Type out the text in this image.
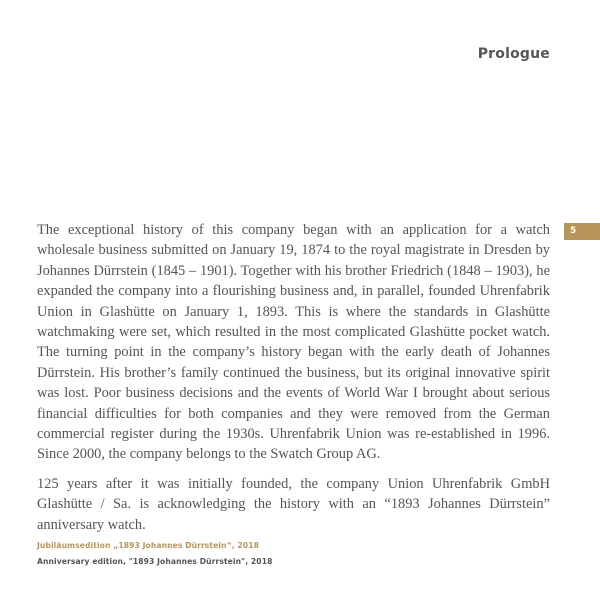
Prologue
5

The exceptional history of this company began with an application for a watch wholesale business submitted on January 19, 1874 to the royal magistrate in Dresden by Johannes Dürrstein (1845 – 1901). Together with his brother Friedrich (1848 – 1903), he expanded the company into a flourishing business and, in parallel, founded Uhrenfabrik Union in Glashütte on January 1, 1893. This is where the standards in Glashütte watchmaking were set, which resulted in the most complicated Glashütte pocket watch. The turning point in the company’s history began with the early death of Johannes Dürrstein. His brother’s family continued the business, but its original innovative spirit was lost. Poor business decisions and the events of World War I brought about serious financial difficulties for both companies and they were removed from the German commercial register during the 1930s. Uhrenfabrik Union was re-established in 1996. Since 2000, the company belongs to the Swatch Group AG.

125 years after it was initially founded, the company Union Uhrenfabrik GmbH Glashütte / Sa. is acknowledging the history with an “1893 Johannes Dürrstein” anniversary watch.

Jubiläumsedition „1893 Johannes Dürrstein“, 2018
Anniversary edition, "1893 Johannes Dürrstein", 2018
